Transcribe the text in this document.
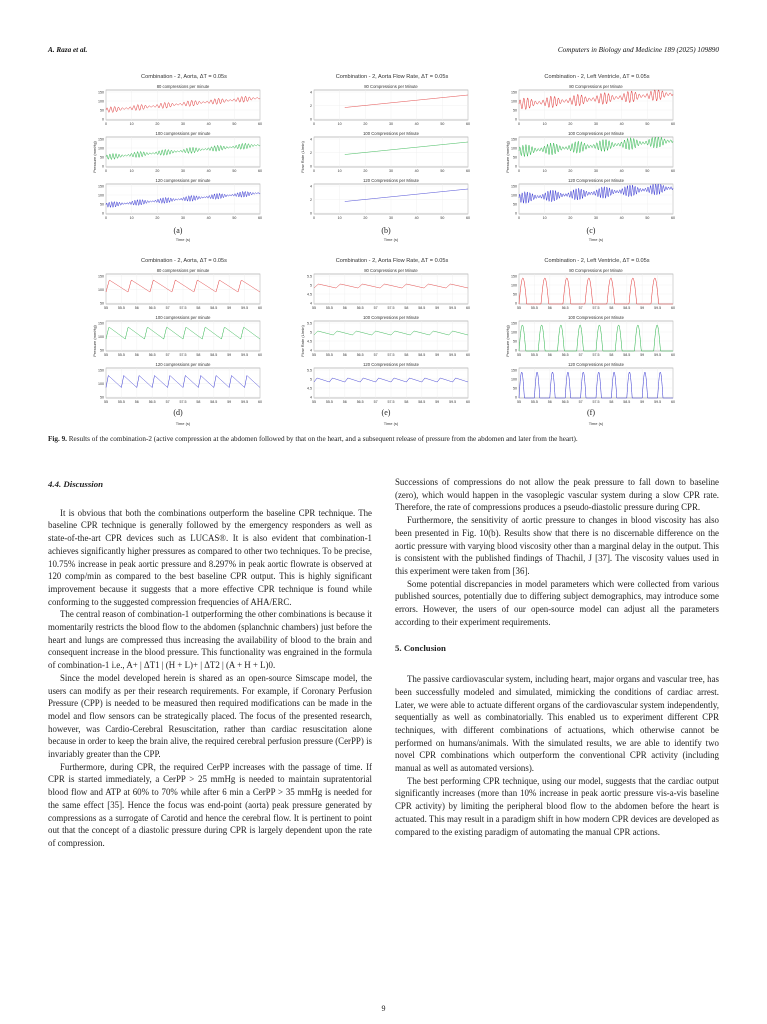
A. Raza et al.	Computers in Biology and Medicine 189 (2025) 109890
Combination - 2, Aorta, ΔT = 0.05s
80 compressions per minute
0
50
100
150
0	10	20	30	40	50	60
100 compressions per minute
0
50
100
150
0	10	20	30	40	50	60
120 compressions per minute
0
50
100
150
0	10	20	30	40	50	60
Pressure (mmHg)
Time (s)
(a)
Combination - 2, Aorta Flow Rate, ΔT = 0.05s
80 Compressions per Minute
0
2
4
0	10	20	30	40	50	60
100 Compressions per Minute
0
2
4
0	10	20	30	40	50	60
120 Compressions per Minute
0
2
4
0	10	20	30	40	50	60
Flow Rate (L/min)
Time (s)
(b)
Combination - 2, Left Ventricle, ΔT = 0.05s
80 Compressions per Minute
0
50
100
150
0	10	20	30	40	50	60
100 Compressions per Minute
0
50
100
150
0	10	20	30	40	50	60
120 Compressions per Minute
0
50
100
150
0	10	20	30	40	50	60
Pressure (mmHg)
Time (s)
(c)
Combination - 2, Aorta, ΔT = 0.05s
80 compressions per minute
50
100
150
55	55.5	56	56.5	57	57.5	58	58.5	59	59.5	60
100 compressions per minute
50
100
150
55	55.5	56	56.5	57	57.5	58	58.5	59	59.5	60
120 compressions per minute
50
100
150
55	55.5	56	56.5	57	57.5	58	58.5	59	59.5	60
Pressure (mmHg)
Time (s)
(d)
Combination - 2, Aorta Flow Rate, ΔT = 0.05s
80 Compressions per Minute
4
4.5
5
5.5
55	55.5	56	56.5	57	57.5	58	58.5	59	59.5	60
100 Compressions per Minute
4
4.5
5
5.5
55	55.5	56	56.5	57	57.5	58	58.5	59	59.5	60
120 Compressions per Minute
4
4.5
5
5.5
55	55.5	56	56.5	57	57.5	58	58.5	59	59.5	60
Flow Rate (L/min)
Time (s)
(e)
Combination - 2, Left Ventricle, ΔT = 0.05s
80 Compressions per Minute
0
50
100
150
55	55.5	56	56.5	57	57.5	58	58.5	59	59.5	60
100 Compressions per Minute
0
50
100
150
55	55.5	56	56.5	57	57.5	58	58.5	59	59.5	60
120 Compressions per Minute
0
50
100
150
55	55.5	56	56.5	57	57.5	58	58.5	59	59.5	60
Pressure (mmHg)
Time (s)
(f)
Fig. 9. Results of the combination-2 (active compression at the abdomen followed by that on the heart, and a subsequent release of pressure from the abdomen and later from the heart).
4.4. Discussion

It is obvious that both the combinations outperform the baseline CPR technique. The baseline CPR technique is generally followed by the emergency responders as well as state-of-the-art CPR devices such as LUCAS®. It is also evident that combination-1 achieves significantly higher pressures as compared to other two techniques. To be precise, 10.75% increase in peak aortic pressure and 8.297% in peak aortic flowrate is observed at 120 comp/min as compared to the best baseline CPR output. This is highly significant improvement because it suggests that a more effective CPR technique is found while conforming to the suggested compression frequencies of AHA/ERC.

The central reason of combination-1 outperforming the other combinations is because it momentarily restricts the blood flow to the abdomen (splanchnic chambers) just before the heart and lungs are compressed thus increasing the availability of blood to the brain and consequent increase in the blood pressure. This functionality was engrained in the formula of combination-1 i.e., A+ | ΔT1 | (H + L)+ | ΔT2 | (A + H + L)0.

Since the model developed herein is shared as an open-source Simscape model, the users can modify as per their research requirements. For example, if Coronary Perfusion Pressure (CPP) is needed to be measured then required modifications can be made in the model and flow sensors can be strategically placed. The focus of the presented research, however, was Cardio-Cerebral Resuscitation, rather than cardiac resuscitation alone because in order to keep the brain alive, the required cerebral perfusion pressure (CerPP) is invariably greater than the CPP.

Furthermore, during CPR, the required CerPP increases with the passage of time. If CPR is started immediately, a CerPP > 25 mmHg is needed to maintain supratentorial blood flow and ATP at 60% to 70% while after 6 min a CerPP > 35 mmHg is needed for the same effect [35]. Hence the focus was end-point (aorta) peak pressure generated by compressions as a surrogate of Carotid and hence the cerebral flow. It is pertinent to point out that the concept of a diastolic pressure during CPR is largely dependent upon the rate of compression.

Successions of compressions do not allow the peak pressure to fall down to baseline (zero), which would happen in the vasoplegic vascular system during a slow CPR rate. Therefore, the rate of compressions produces a pseudo-diastolic pressure during CPR.

Furthermore, the sensitivity of aortic pressure to changes in blood viscosity has also been presented in Fig. 10(b). Results show that there is no discernable difference on the aortic pressure with varying blood viscosity other than a marginal delay in the output. This is consistent with the published findings of Thachil, J [37]. The viscosity values used in this experiment were taken from [36].

Some potential discrepancies in model parameters which were collected from various published sources, potentially due to differing subject demographics, may introduce some errors. However, the users of our open-source model can adjust all the parameters according to their experiment requirements.

5. Conclusion

The passive cardiovascular system, including heart, major organs and vascular tree, has been successfully modeled and simulated, mimicking the conditions of cardiac arrest. Later, we were able to actuate different organs of the cardiovascular system independently, sequentially as well as combinatorially. This enabled us to experiment different CPR techniques, with different combinations of actuations, which otherwise cannot be performed on humans/animals. With the simulated results, we are able to identify two novel CPR combinations which outperform the conventional CPR activity (including manual as well as automated versions).

The best performing CPR technique, using our model, suggests that the cardiac output significantly increases (more than 10% increase in peak aortic pressure vis-a-vis baseline CPR activity) by limiting the peripheral blood flow to the abdomen before the heart is actuated. This may result in a paradigm shift in how modern CPR devices are developed as compared to the existing paradigm of automating the manual CPR actions.

9
